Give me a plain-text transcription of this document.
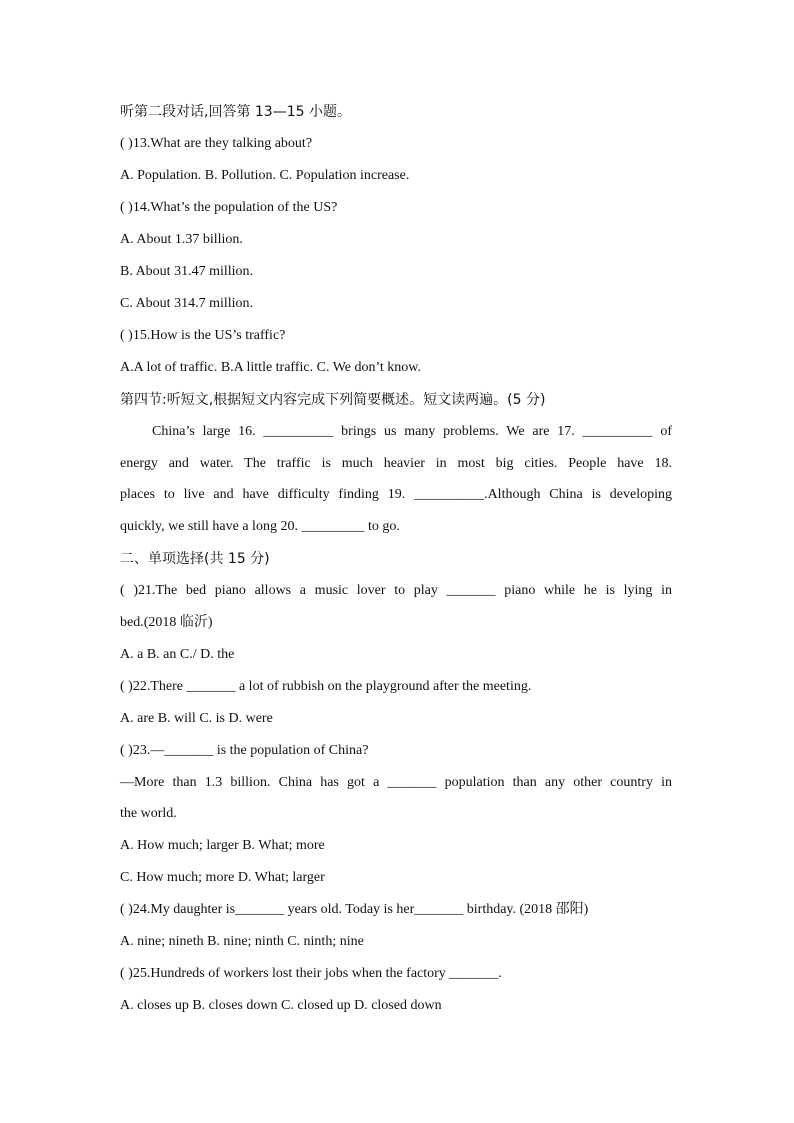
听第二段对话,回答第 13—15 小题。
( )13.What are they talking about?
A. Population. B. Pollution. C. Population increase.
( )14.What’s the population of the US?
A. About 1.37 billion.
B. About 31.47 million.
C. About 314.7 million.
( )15.How is the US’s traffic?
A.A lot of traffic. B.A little traffic. C. We don’t know.
第四节:听短文,根据短文内容完成下列简要概述。短文读两遍。(5 分)
China’s large 16. __________ brings us many problems. We are 17. __________ of
energy and water. The traffic is much heavier in most big cities. People have 18.
places to live and have difficulty finding 19. __________.Although China is developing
quickly, we still have a long 20. _________ to go.
二、单项选择(共 15 分)
( )21.The bed piano allows a music lover to play _______ piano while he is lying in
bed.(2018 临沂)
A. a B. an C./ D. the
( )22.There _______ a lot of rubbish on the playground after the meeting.
A. are B. will C. is D. were
( )23.—_______ is the population of China?
—More than 1.3 billion. China has got a _______ population than any other country in
the world.
A. How much; larger B. What; more
C. How much; more D. What; larger
( )24.My daughter is_______ years old. Today is her_______ birthday. (2018 邵阳)
A. nine; nineth B. nine; ninth C. ninth; nine
( )25.Hundreds of workers lost their jobs when the factory _______.
A. closes up B. closes down C. closed up D. closed down
